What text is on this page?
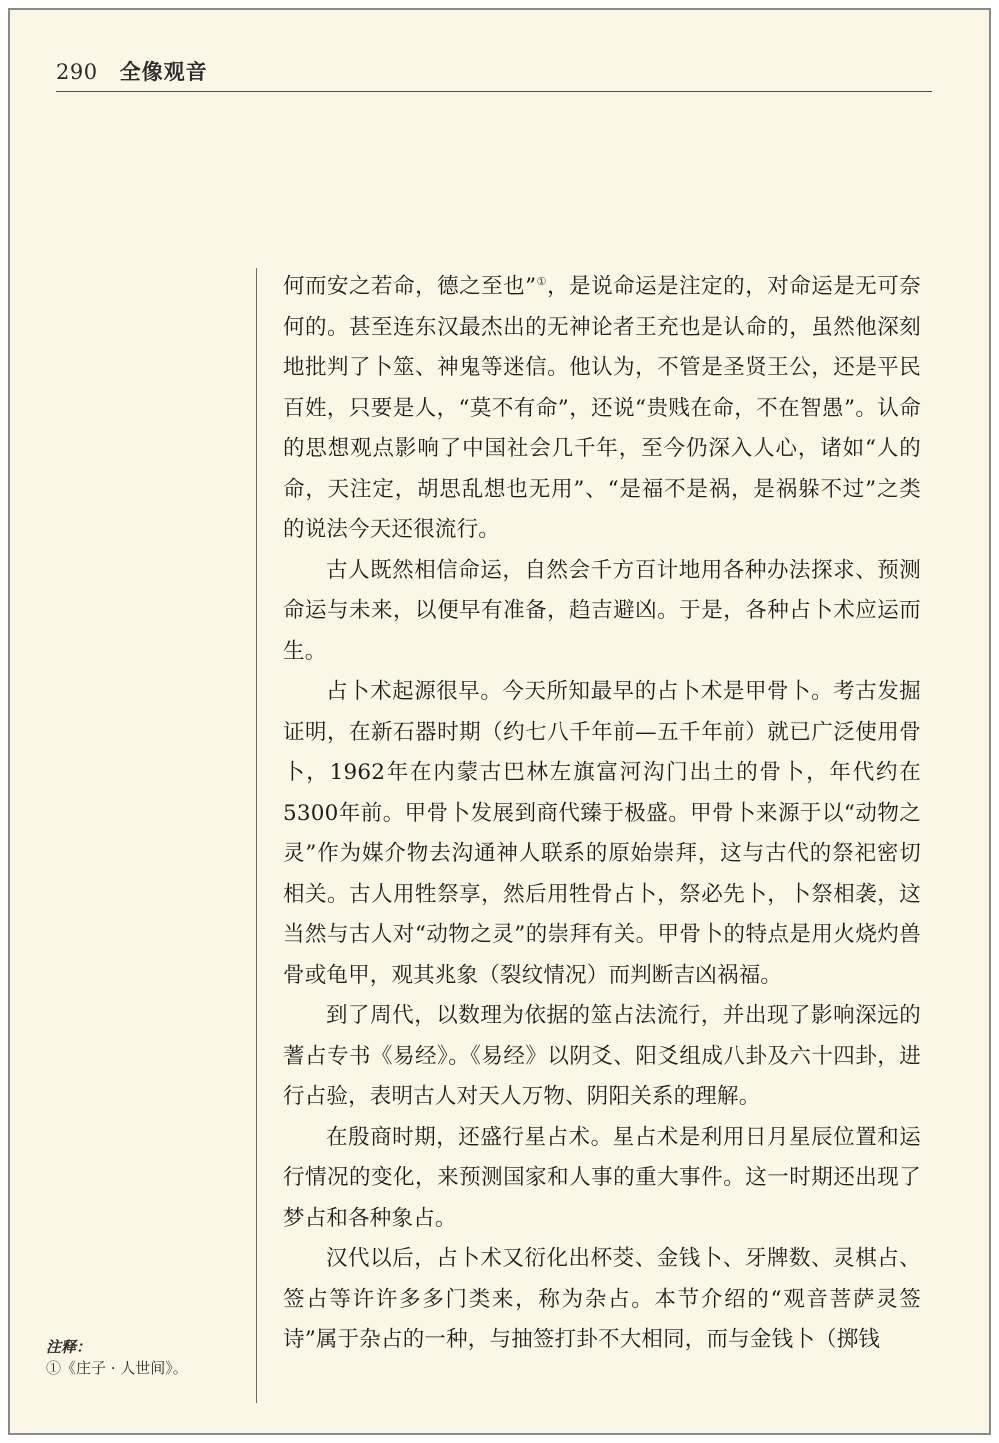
290 全像观音

何而安之若命，德之至也”①，是说命运是注定的，对命运是无可奈何的。甚至连东汉最杰出的无神论者王充也是认命的，虽然他深刻地批判了卜筮、神鬼等迷信。他认为，不管是圣贤王公，还是平民百姓，只要是人，“莫不有命”，还说“贵贱在命，不在智愚”。认命的思想观点影响了中国社会几千年，至今仍深入人心，诸如“人的命，天注定，胡思乱想也无用”、“是福不是祸，是祸躲不过”之类的说法今天还很流行。

古人既然相信命运，自然会千方百计地用各种办法探求、预测命运与未来，以便早有准备，趋吉避凶。于是，各种占卜术应运而生。

占卜术起源很早。今天所知最早的占卜术是甲骨卜。考古发掘证明，在新石器时期（约七八千年前—五千年前）就已广泛使用骨卜，1962年在内蒙古巴林左旗富河沟门出土的骨卜，年代约在5300年前。甲骨卜发展到商代臻于极盛。甲骨卜来源于以“动物之灵”作为媒介物去沟通神人联系的原始崇拜，这与古代的祭祀密切相关。古人用牲祭享，然后用牲骨占卜，祭必先卜，卜祭相袭，这当然与古人对“动物之灵”的崇拜有关。甲骨卜的特点是用火烧灼兽骨或龟甲，观其兆象（裂纹情况）而判断吉凶祸福。

到了周代，以数理为依据的筮占法流行，并出现了影响深远的蓍占专书《易经》。《易经》以阴爻、阳爻组成八卦及六十四卦，进行占验，表明古人对天人万物、阴阳关系的理解。

在殷商时期，还盛行星占术。星占术是利用日月星辰位置和运行情况的变化，来预测国家和人事的重大事件。这一时期还出现了梦占和各种象占。

汉代以后，占卜术又衍化出杯茭、金钱卜、牙牌数、灵棋占、签占等许许多多门类来，称为杂占。本节介绍的“观音菩萨灵签诗”属于杂占的一种，与抽签打卦不大相同，而与金钱卜（掷钱

注释：
①《庄子 · 人世间》。
